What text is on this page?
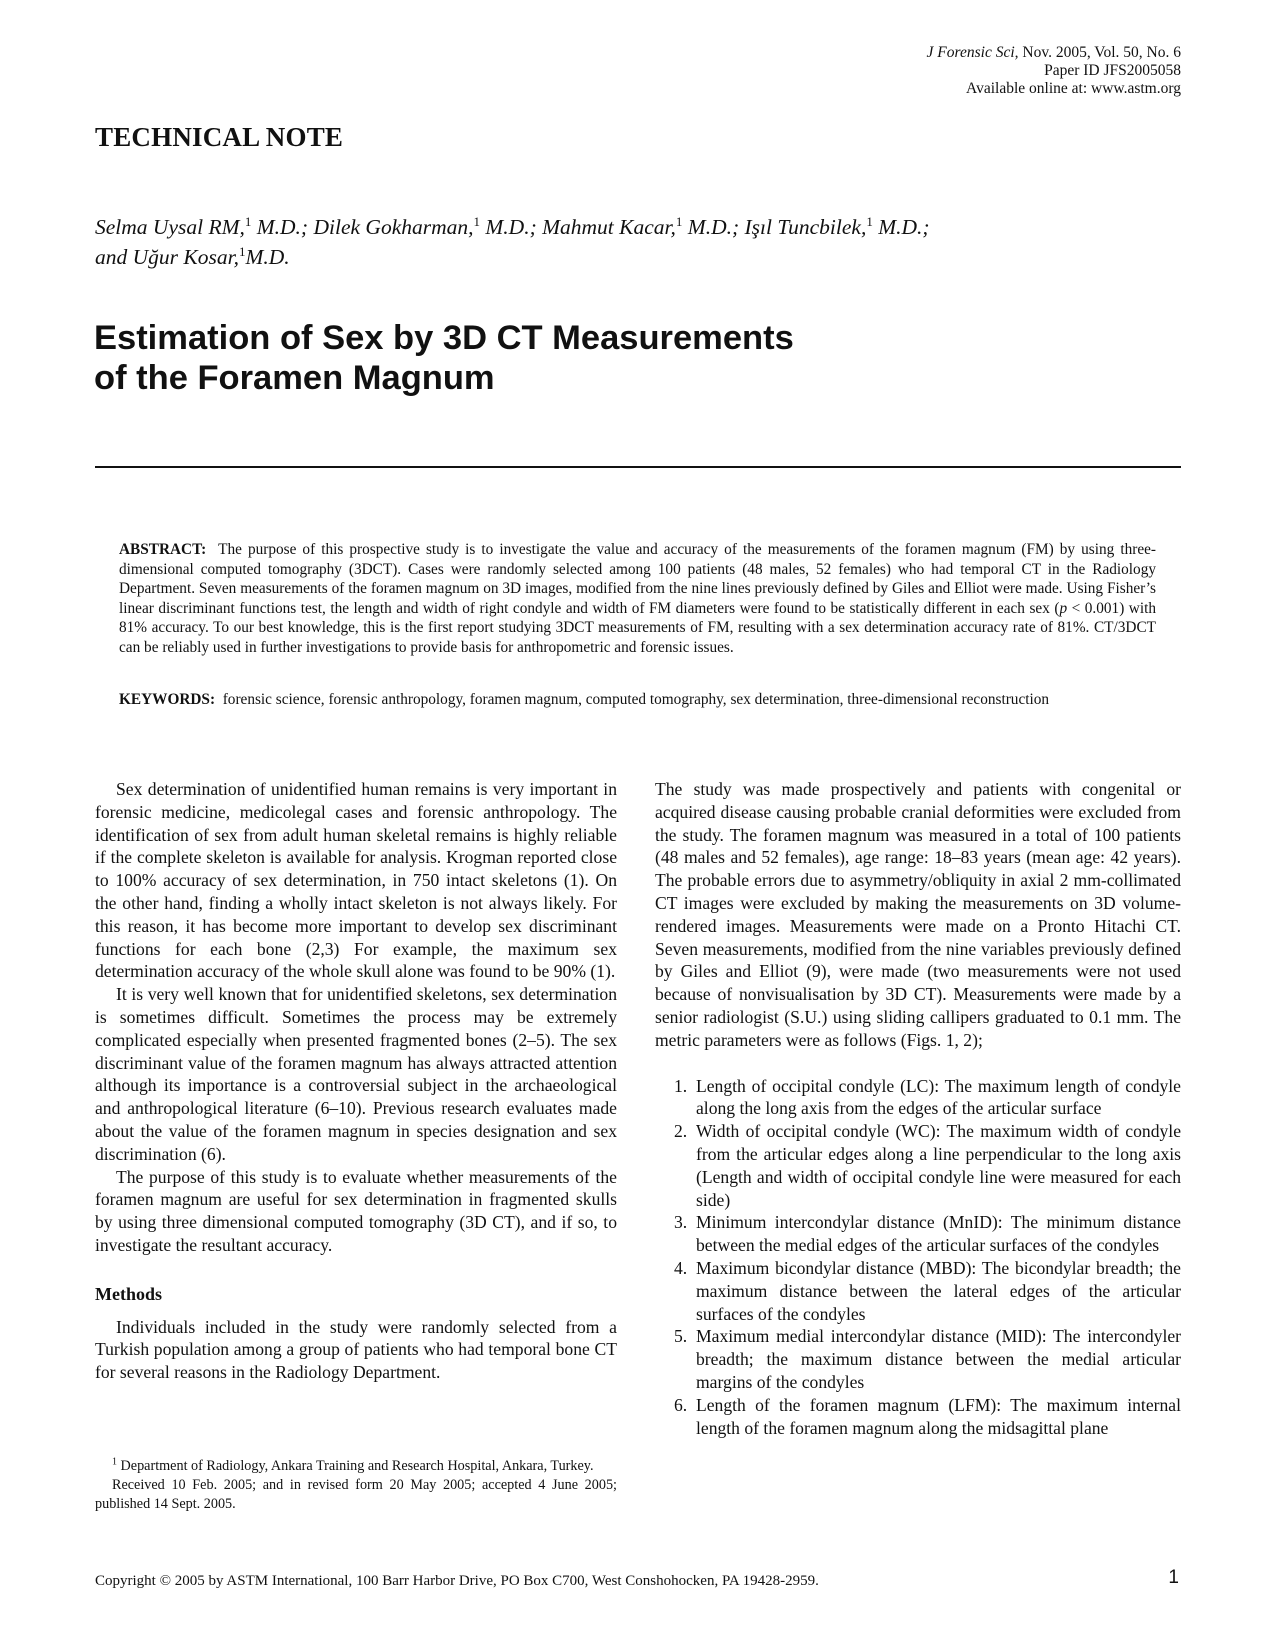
J Forensic Sci, Nov. 2005, Vol. 50, No. 6
Paper ID JFS2005058
Available online at: www.astm.org
TECHNICAL NOTE
Selma Uysal RM,$^1$ M.D.; Dilek Gokharman,$^1$ M.D.; Mahmut Kacar,$^1$ M.D.; Işıl Tuncbilek,$^1$ M.D.;
and Uğur Kosar,$^1$M.D.
Estimation of Sex by 3D CT Measurements
of the Foramen Magnum
ABSTRACT: The purpose of this prospective study is to investigate the value and accuracy of the measurements of the foramen magnum (FM) by using three-dimensional computed tomography (3DCT). Cases were randomly selected among 100 patients (48 males, 52 females) who had temporal CT in the Radiology Department. Seven measurements of the foramen magnum on 3D images, modified from the nine lines previously defined by Giles and Elliot were made. Using Fisher’s linear discriminant functions test, the length and width of right condyle and width of FM diameters were found to be statistically different in each sex (p < 0.001) with 81% accuracy. To our best knowledge, this is the first report studying 3DCT measurements of FM, resulting with a sex determination accuracy rate of 81%. CT/3DCT can be reliably used in further investigations to provide basis for anthropometric and forensic issues.
KEYWORDS: forensic science, forensic anthropology, foramen magnum, computed tomography, sex determination, three-dimensional reconstruction

Sex determination of unidentified human remains is very important in forensic medicine, medicolegal cases and forensic anthropology. The identification of sex from adult human skeletal remains is highly reliable if the complete skeleton is available for analysis. Krogman reported close to 100% accuracy of sex determination, in 750 intact skeletons (1). On the other hand, finding a wholly intact skeleton is not always likely. For this reason, it has become more important to develop sex discriminant functions for each bone (2,3) For example, the maximum sex determination accuracy of the whole skull alone was found to be 90% (1).

It is very well known that for unidentified skeletons, sex determination is sometimes difficult. Sometimes the process may be extremely complicated especially when presented fragmented bones (2–5). The sex discriminant value of the foramen magnum has always attracted attention although its importance is a controversial subject in the archaeological and anthropological literature (6–10). Previous research evaluates made about the value of the foramen magnum in species designation and sex discrimination (6).

The purpose of this study is to evaluate whether measurements of the foramen magnum are useful for sex determination in fragmented skulls by using three dimensional computed tomography (3D CT), and if so, to investigate the resultant accuracy.

Methods

Individuals included in the study were randomly selected from a Turkish population among a group of patients who had temporal bone CT for several reasons in the Radiology Department.

$^1$ Department of Radiology, Ankara Training and Research Hospital, Ankara, Turkey.

Received 10 Feb. 2005; and in revised form 20 May 2005; accepted 4 June 2005; published 14 Sept. 2005.

The study was made prospectively and patients with congenital or acquired disease causing probable cranial deformities were excluded from the study. The foramen magnum was measured in a total of 100 patients (48 males and 52 females), age range: 18–83 years (mean age: 42 years). The probable errors due to asymmetry/obliquity in axial 2 mm-collimated CT images were excluded by making the measurements on 3D volume-rendered images. Measurements were made on a Pronto Hitachi CT. Seven measurements, modified from the nine variables previously defined by Giles and Elliot (9), were made (two measurements were not used because of nonvisualisation by 3D CT). Measurements were made by a senior radiologist (S.U.) using sliding callipers graduated to 0.1 mm. The metric parameters were as follows (Figs. 1, 2);

1. Length of occipital condyle (LC): The maximum length of condyle along the long axis from the edges of the articular surface
2. Width of occipital condyle (WC): The maximum width of condyle from the articular edges along a line perpendicular to the long axis (Length and width of occipital condyle line were measured for each side)
3. Minimum intercondylar distance (MnID): The minimum distance between the medial edges of the articular surfaces of the condyles
4. Maximum bicondylar distance (MBD): The bicondylar breadth; the maximum distance between the lateral edges of the articular surfaces of the condyles
5. Maximum medial intercondylar distance (MID): The intercondyler breadth; the maximum distance between the medial articular margins of the condyles
6. Length of the foramen magnum (LFM): The maximum internal length of the foramen magnum along the midsagittal plane
Copyright © 2005 by ASTM International, 100 Barr Harbor Drive, PO Box C700, West Conshohocken, PA 19428-2959.	1
